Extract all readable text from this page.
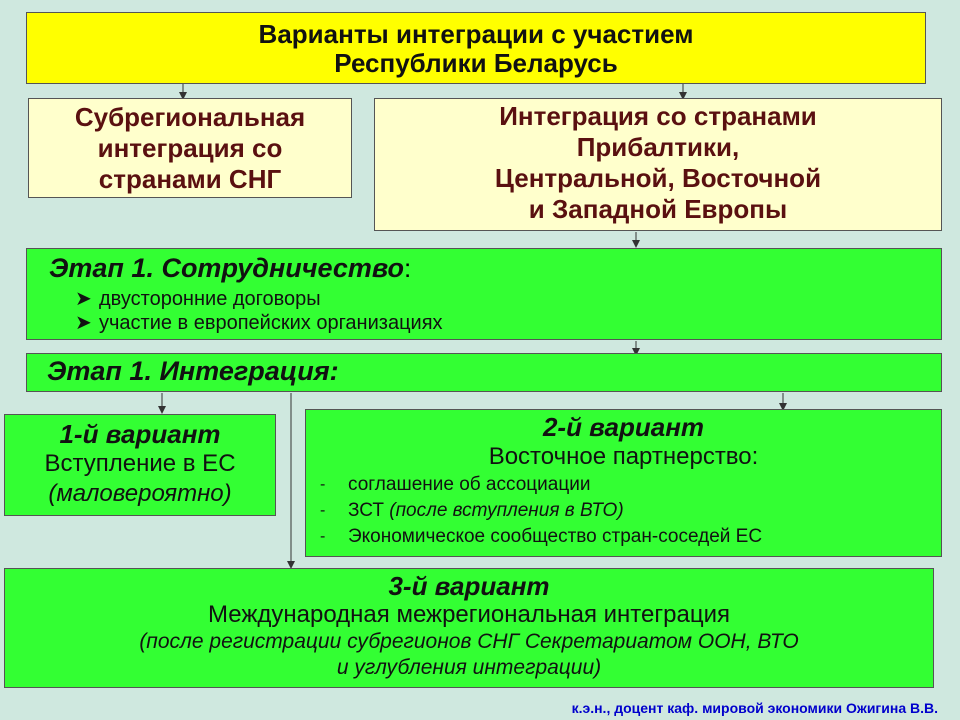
Варианты интеграции с участием
Республики Беларусь
Субрегиональная
интеграция со
странами СНГ
Интеграция со странами
Прибалтики,
Центральной, Восточной
и Западной Европы
Этап 1. Сотрудничество:
➤ двусторонние договоры
➤ участие в европейских организациях
Этап 1. Интеграция:
1-й вариант
Вступление в ЕС
(маловероятно)
2-й вариант
Восточное партнерство:
-	соглашение об ассоциации
-	ЗСТ
(после вступления в ВТО)
-	Экономическое сообщество стран-соседей ЕС
3-й вариант
Международная межрегиональная интеграция
(после регистрации субрегионов СНГ Секретариатом ООН, ВТО
и углубления интеграции)
к.э.н., доцент каф. мировой экономики Ожигина В.В.
